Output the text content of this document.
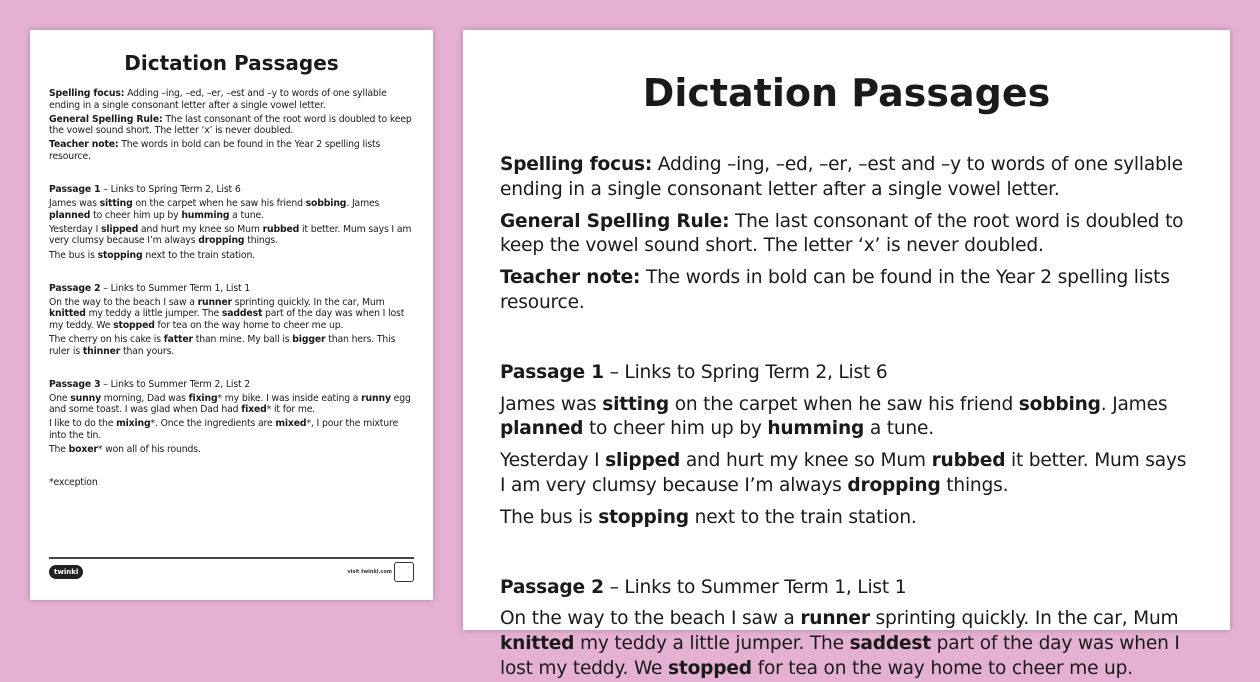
Dictation Passages

Spelling focus: Adding –ing, –ed, –er, –est and –y to words of one syllable ending in a single consonant letter after a single vowel letter.

General Spelling Rule: The last consonant of the root word is doubled to keep the vowel sound short. The letter ‘x’ is never doubled.

Teacher note: The words in bold can be found in the Year 2 spelling lists resource.

Passage 1 – Links to Spring Term 2, List 6

James was sitting on the carpet when he saw his friend sobbing. James planned to cheer him up by humming a tune.

Yesterday I slipped and hurt my knee so Mum rubbed it better. Mum says I am very clumsy because I’m always dropping things.

The bus is stopping next to the train station.

Passage 2 – Links to Summer Term 1, List 1

On the way to the beach I saw a runner sprinting quickly. In the car, Mum knitted my teddy a little jumper. The saddest part of the day was when I lost my teddy. We stopped for tea on the way home to cheer me up.

The cherry on his cake is fatter than mine. My ball is bigger than hers. This ruler is thinner than yours.

Passage 3 – Links to Summer Term 2, List 2

One sunny morning, Dad was fixing* my bike. I was inside eating a runny egg and some toast. I was glad when Dad had fixed* it for me.

I like to do the mixing*. Once the ingredients are mixed*, I pour the mixture into the tin.

The boxer* won all of his rounds.

*exception

twinkl	visit twinkl.com
Dictation Passages

Spelling focus: Adding –ing, –ed, –er, –est and –y to words of one syllable ending in a single consonant letter after a single vowel letter.

General Spelling Rule: The last consonant of the root word is doubled to keep the vowel sound short. The letter ‘x’ is never doubled.

Teacher note: The words in bold can be found in the Year 2 spelling lists resource.

Passage 1 – Links to Spring Term 2, List 6

James was sitting on the carpet when he saw his friend sobbing. James planned to cheer him up by humming a tune.

Yesterday I slipped and hurt my knee so Mum rubbed it better. Mum says I am very clumsy because I’m always dropping things.

The bus is stopping next to the train station.

Passage 2 – Links to Summer Term 1, List 1

On the way to the beach I saw a runner sprinting quickly. In the car, Mum knitted my teddy a little jumper. The saddest part of the day was when I lost my teddy. We stopped for tea on the way home to cheer me up.
